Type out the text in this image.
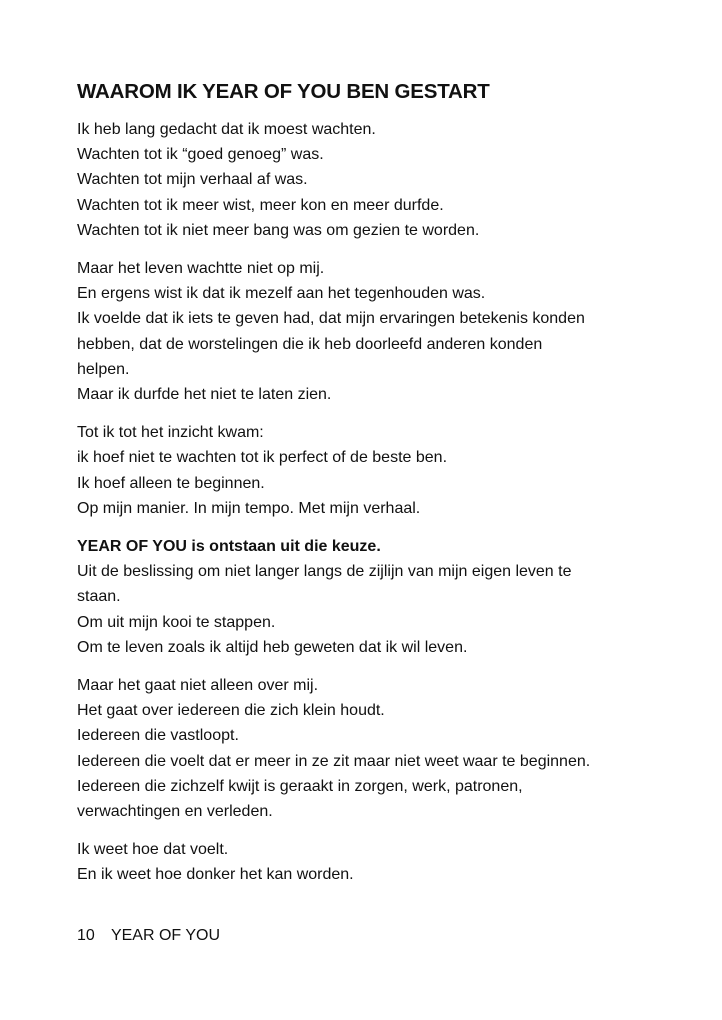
WAAROM IK YEAR OF YOU BEN GESTART
Ik heb lang gedacht dat ik moest wachten.
Wachten tot ik “goed genoeg” was.
Wachten tot mijn verhaal af was.
Wachten tot ik meer wist, meer kon en meer durfde.
Wachten tot ik niet meer bang was om gezien te worden.
Maar het leven wachtte niet op mij.
En ergens wist ik dat ik mezelf aan het tegenhouden was.
Ik voelde dat ik iets te geven had, dat mijn ervaringen betekenis konden
hebben, dat de worstelingen die ik heb doorleefd anderen konden
helpen.
Maar ik durfde het niet te laten zien.
Tot ik tot het inzicht kwam:
ik hoef niet te wachten tot ik perfect of de beste ben.
Ik hoef alleen te beginnen.
Op mijn manier. In mijn tempo. Met mijn verhaal.
YEAR OF YOU is ontstaan uit die keuze.
Uit de beslissing om niet langer langs de zijlijn van mijn eigen leven te
staan.
Om uit mijn kooi te stappen.
Om te leven zoals ik altijd heb geweten dat ik wil leven.
Maar het gaat niet alleen over mij.
Het gaat over iedereen die zich klein houdt.
Iedereen die vastloopt.
Iedereen die voelt dat er meer in ze zit maar niet weet waar te beginnen.
Iedereen die zichzelf kwijt is geraakt in zorgen, werk, patronen,
verwachtingen en verleden.
Ik weet hoe dat voelt.
En ik weet hoe donker het kan worden.
10 YEAR OF YOU
